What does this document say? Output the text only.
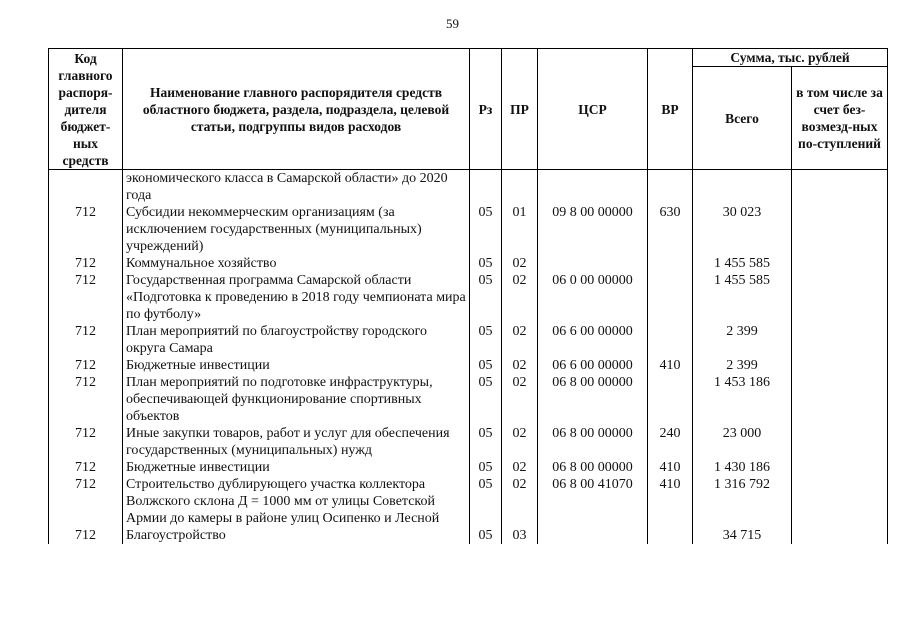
59
Код главного распоря-дителя бюджет-ных средств	Наименование главного распорядителя средств областного бюджета, раздела, подраздела, целевой статьи, подгруппы видов расходов	Рз	ПР	ЦСР	ВР	Сумма, тыс. рублей	
						Всего	в том числе за счет без-возмезд-ных по-ступлений
	экономического класса в Самарской области» до 2020 года						
712	Субсидии некоммерческим организациям (за исключением государственных (муниципальных) учреждений)	05	01	09 8 00 00000	630	30 023	
712	Коммунальное хозяйство	05	02			1 455 585	
712	Государственная программа Самарской области «Подготовка к проведению в 2018 году чемпионата мира по футболу»	05	02	06 0 00 00000		1 455 585	
712	План мероприятий по благоустройству городского округа Самара	05	02	06 6 00 00000		2 399	
712	Бюджетные инвестиции	05	02	06 6 00 00000	410	2 399	
712	План мероприятий по подготовке инфраструктуры, обеспечивающей функционирование спортивных объектов	05	02	06 8 00 00000		1 453 186	
712	Иные закупки товаров, работ и услуг для обеспечения государственных (муниципальных) нужд	05	02	06 8 00 00000	240	23 000	
712	Бюджетные инвестиции	05	02	06 8 00 00000	410	1 430 186	
712	Строительство дублирующего участка коллектора Волжского склона Д = 1000 мм от улицы Советской Армии до камеры в районе улиц Осипенко и Лесной	05	02	06 8 00 41070	410	1 316 792	
712	Благоустройство	05	03			34 715	
